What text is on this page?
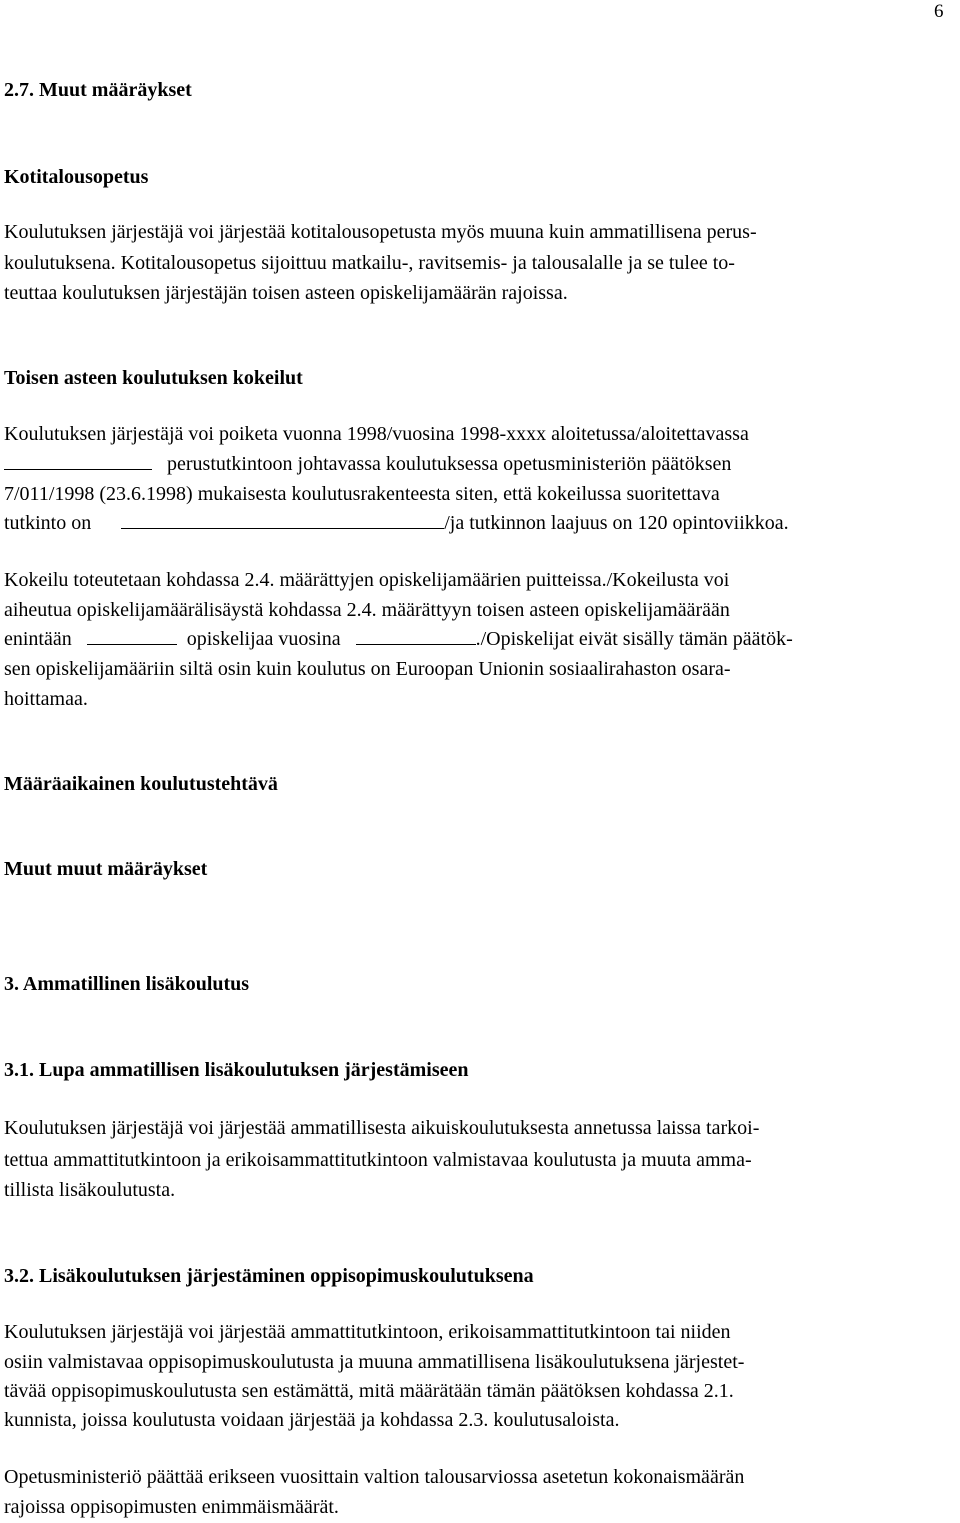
6
2.7. Muut määräykset
Kotitalousopetus
Koulutuksen järjestäjä voi järjestää kotitalousopetusta myös muuna kuin ammatillisena perus-
koulutuksena. Kotitalousopetus sijoittuu matkailu-, ravitsemis- ja talousalalle ja se tulee to-
teuttaa koulutuksen järjestäjän toisen asteen opiskelijamäärän rajoissa.
Toisen asteen koulutuksen kokeilut
Koulutuksen järjestäjä voi poiketa vuonna 1998/vuosina 1998-xxxx aloitetussa/aloitettavassa
perustutkintoon johtavassa koulutuksessa opetusministeriön päätöksen
7/011/1998 (23.6.1998) mukaisesta koulutusrakenteesta siten, että kokeilussa suoritettava
tutkinto on	/ja tutkinnon laajuus on 120 opintoviikkoa.
Kokeilu toteutetaan kohdassa 2.4. määrättyjen opiskelijamäärien puitteissa./Kokeilusta voi
aiheutua opiskelijamäärälisäystä kohdassa 2.4. määrättyyn toisen asteen opiskelijamäärään
enintään	opiskelijaa vuosina	./Opiskelijat eivät sisälly tämän päätök-
sen opiskelijamääriin siltä osin kuin koulutus on Euroopan Unionin sosiaalirahaston osara-
hoittamaa.
Määräaikainen koulutustehtävä
Muut muut määräykset
3. Ammatillinen lisäkoulutus
3.1. Lupa ammatillisen lisäkoulutuksen järjestämiseen
Koulutuksen järjestäjä voi järjestää ammatillisesta aikuiskoulutuksesta annetussa laissa tarkoi-
tettua ammattitutkintoon ja erikoisammattitutkintoon valmistavaa koulutusta ja muuta amma-
tillista lisäkoulutusta.
3.2. Lisäkoulutuksen järjestäminen oppisopimuskoulutuksena
Koulutuksen järjestäjä voi järjestää ammattitutkintoon, erikoisammattitutkintoon tai niiden
osiin valmistavaa oppisopimuskoulutusta ja muuna ammatillisena lisäkoulutuksena järjestet-
tävää oppisopimuskoulutusta sen estämättä, mitä määrätään tämän päätöksen kohdassa 2.1.
kunnista, joissa koulutusta voidaan järjestää ja kohdassa 2.3. koulutusaloista.
Opetusministeriö päättää erikseen vuosittain valtion talousarviossa asetetun kokonaismäärän
rajoissa oppisopimusten enimmäismäärät.
